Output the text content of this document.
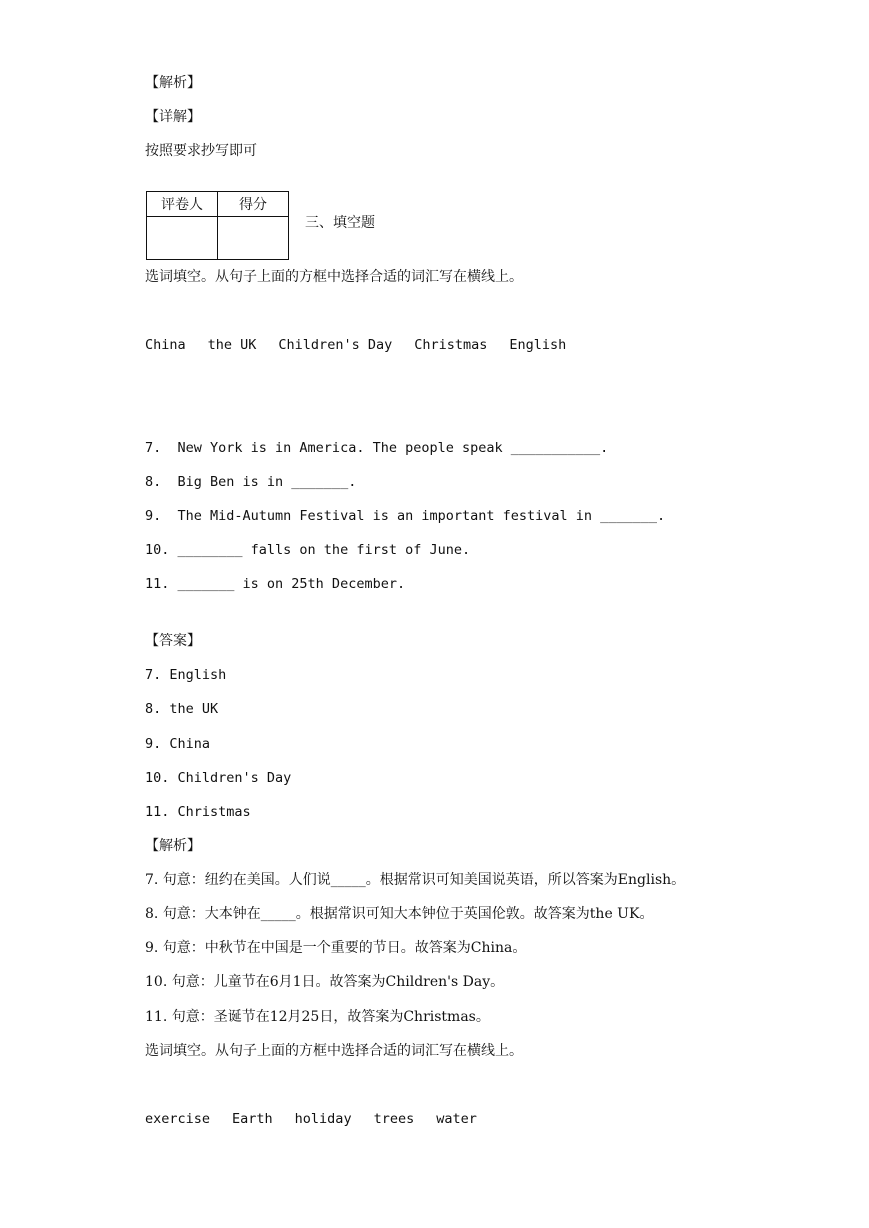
【解析】
【详解】
按照要求抄写即可
评卷人	得分

三、填空题
选词填空。从句子上面的方框中选择合适的词汇写在横线上。
China the UK Children's Day Christmas English
7.  New York is in America. The people speak ___________.
8.  Big Ben is in _______.
9.  The Mid-Autumn Festival is an important festival in _______.
10. ________ falls on the first of June.
11. _______ is on 25th December.
【答案】
7. English
8. the UK
9. China
10. Children's Day
11. Christmas
【解析】
7. 句意：纽约在美国。人们说_____。根据常识可知美国说英语，所以答案为English。
8. 句意：大本钟在_____。根据常识可知大本钟位于英国伦敦。故答案为the UK。
9. 句意：中秋节在中国是一个重要的节日。故答案为China。
10. 句意：儿童节在6月1日。故答案为Children's Day。
11. 句意：圣诞节在12月25日，故答案为Christmas。
选词填空。从句子上面的方框中选择合适的词汇写在横线上。
exercise Earth holiday trees water
